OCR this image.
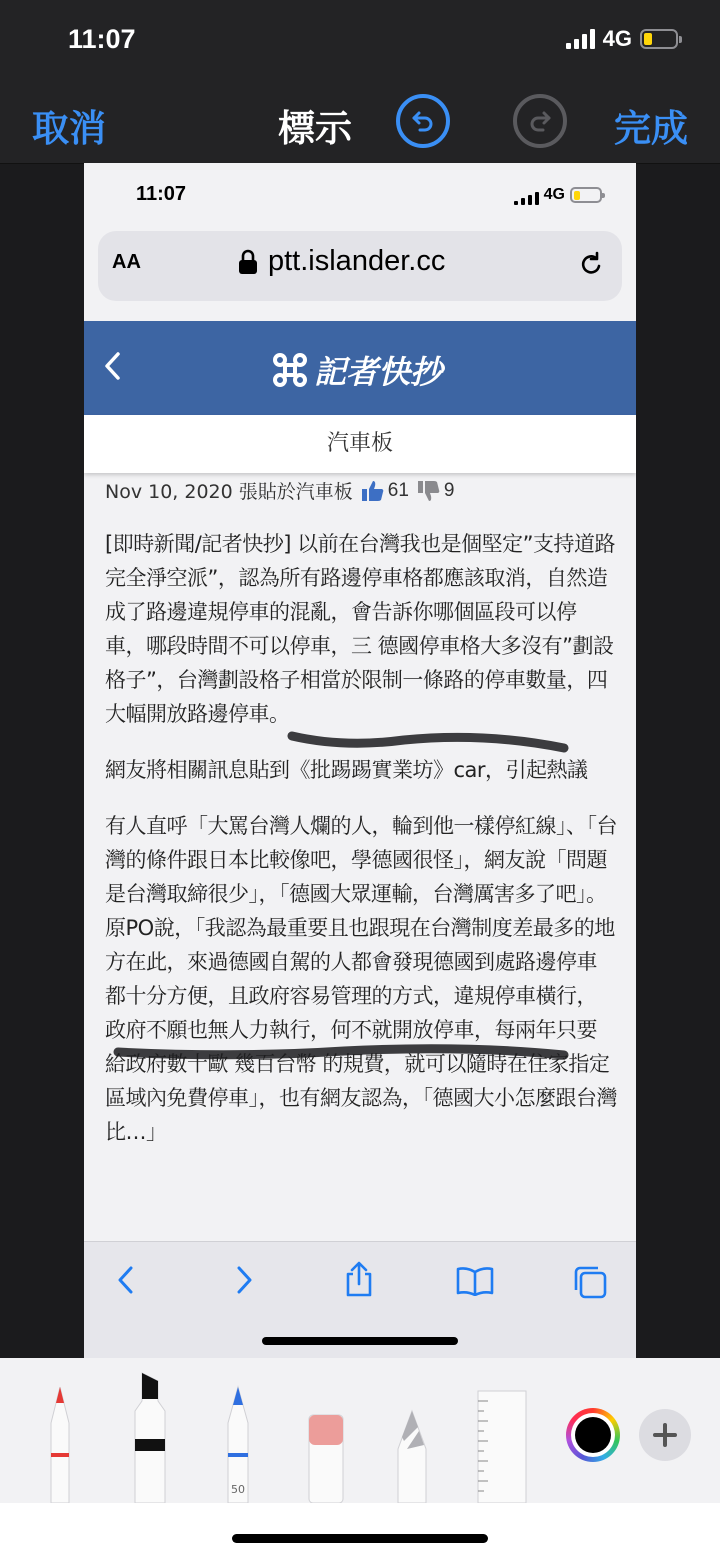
11:07	4G
取消	標示	完成
11:07	4G
AA	ptt.islander.cc
記者快抄
汽車板
Nov 10, 2020 張貼於汽車板 61 9

[即時新聞/記者快抄] 以前在台灣我也是個堅定”支持道路完全淨空派”，認為所有路邊停車格都應該取消，自然造成了路邊違規停車的混亂，會告訴你哪個區段可以停車，哪段時間不可以停車，三 德國停車格大多沒有”劃設格子”，台灣劃設格子相當於限制一條路的停車數量，四 大幅開放路邊停車。

網友將相關訊息貼到《批踢踢實業坊》car，引起熱議

有人直呼「大罵台灣人爛的人，輪到他一樣停紅線」、「台灣的條件跟日本比較像吧，學德國很怪」，網友說「問題是台灣取締很少」，「德國大眾運輸，台灣厲害多了吧」。原PO說，「我認為最重要且也跟現在台灣制度差最多的地方在此，來過德國自駕的人都會發現德國到處路邊停車都十分方便，且政府容易管理的方式，違規停車橫行，政府不願也無人力執行，何不就開放停車，每兩年只要給政府數十歐 幾百台幣 的規費，就可以隨時在住家指定區域內免費停車」，也有網友認為，「德國大小怎麼跟台灣比…」

50
